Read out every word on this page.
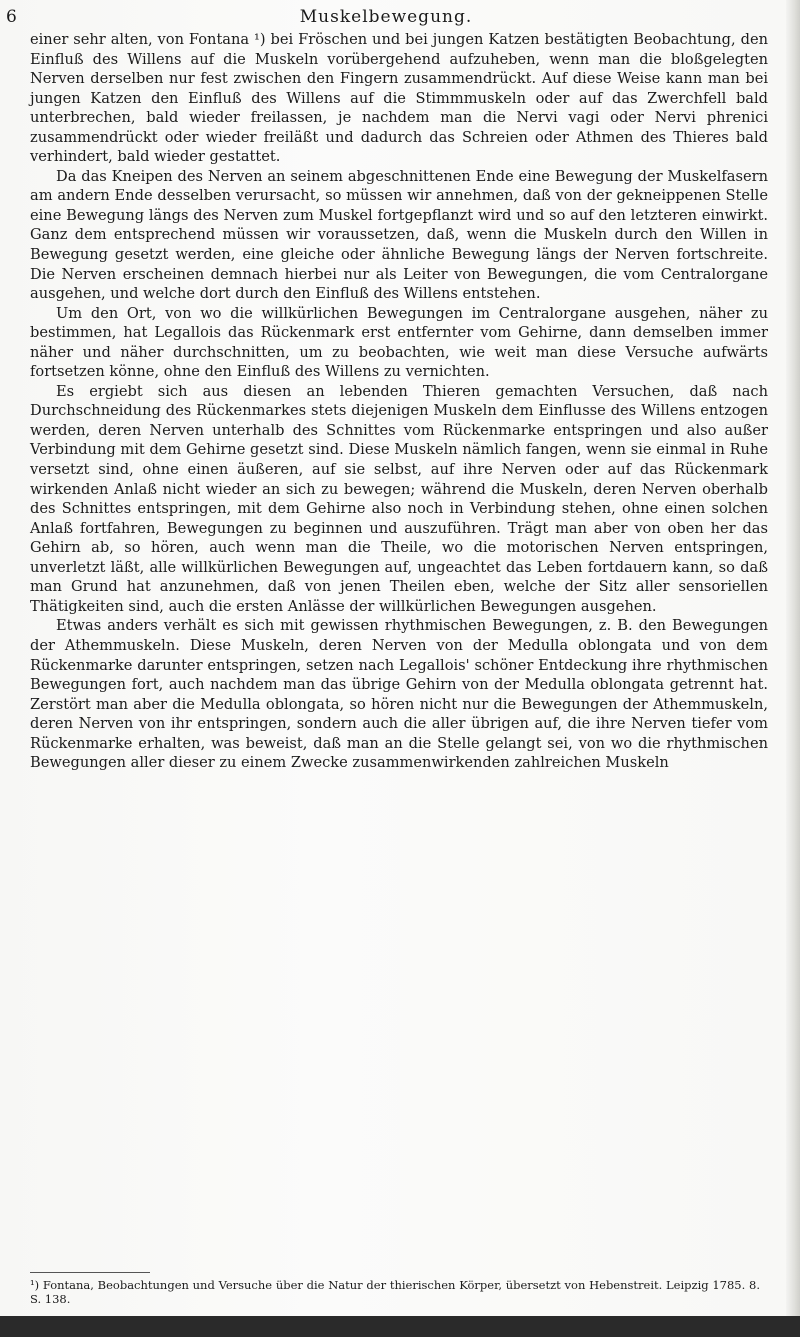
6	Muskelbewegung.

einer sehr alten, von Fontana ¹) bei Fröschen und bei jungen Katzen bestätigten Beobachtung, den Einfluß des Willens auf die Muskeln vorübergehend aufzuheben, wenn man die bloßgelegten Nerven derselben nur fest zwischen den Fingern zusammendrückt. Auf diese Weise kann man bei jungen Katzen den Einfluß des Willens auf die Stimmmuskeln oder auf das Zwerchfell bald unterbrechen, bald wieder freilassen, je nachdem man die Nervi vagi oder Nervi phrenici zusammendrückt oder wieder freiläßt und dadurch das Schreien oder Athmen des Thieres bald verhindert, bald wieder gestattet.

Da das Kneipen des Nerven an seinem abgeschnittenen Ende eine Bewegung der Muskelfasern am andern Ende desselben verursacht, so müssen wir annehmen, daß von der gekneippenen Stelle eine Bewegung längs des Nerven zum Muskel fortgepflanzt wird und so auf den letzteren einwirkt. Ganz dem entsprechend müssen wir voraussetzen, daß, wenn die Muskeln durch den Willen in Bewegung gesetzt werden, eine gleiche oder ähnliche Bewegung längs der Nerven fortschreite. Die Nerven erscheinen demnach hierbei nur als Leiter von Bewegungen, die vom Centralorgane ausgehen, und welche dort durch den Einfluß des Willens entstehen.

Um den Ort, von wo die willkürlichen Bewegungen im Centralorgane ausgehen, näher zu bestimmen, hat Legallois das Rückenmark erst entfernter vom Gehirne, dann demselben immer näher und näher durchschnitten, um zu beobachten, wie weit man diese Versuche aufwärts fortsetzen könne, ohne den Einfluß des Willens zu vernichten.

Es ergiebt sich aus diesen an lebenden Thieren gemachten Versuchen, daß nach Durchschneidung des Rückenmarkes stets diejenigen Muskeln dem Einflusse des Willens entzogen werden, deren Nerven unterhalb des Schnittes vom Rückenmarke entspringen und also außer Verbindung mit dem Gehirne gesetzt sind. Diese Muskeln nämlich fangen, wenn sie einmal in Ruhe versetzt sind, ohne einen äußeren, auf sie selbst, auf ihre Nerven oder auf das Rückenmark wirkenden Anlaß nicht wieder an sich zu bewegen; während die Muskeln, deren Nerven oberhalb des Schnittes entspringen, mit dem Gehirne also noch in Verbindung stehen, ohne einen solchen Anlaß fortfahren, Bewegungen zu beginnen und auszuführen. Trägt man aber von oben her das Gehirn ab, so hören, auch wenn man die Theile, wo die motorischen Nerven entspringen, unverletzt läßt, alle willkürlichen Bewegungen auf, ungeachtet das Leben fortdauern kann, so daß man Grund hat anzunehmen, daß von jenen Theilen eben, welche der Sitz aller sensoriellen Thätigkeiten sind, auch die ersten Anlässe der willkürlichen Bewegungen ausgehen.

Etwas anders verhält es sich mit gewissen rhythmischen Bewegungen, z. B. den Bewegungen der Athemmuskeln. Diese Muskeln, deren Nerven von der Medulla oblongata und von dem Rückenmarke darunter entspringen, setzen nach Legallois' schöner Entdeckung ihre rhythmischen Bewegungen fort, auch nachdem man das übrige Gehirn von der Medulla oblongata getrennt hat. Zerstört man aber die Medulla oblongata, so hören nicht nur die Bewegungen der Athemmuskeln, deren Nerven von ihr entspringen, sondern auch die aller übrigen auf, die ihre Nerven tiefer vom Rückenmarke erhalten, was beweist, daß man an die Stelle gelangt sei, von wo die rhythmischen Bewegungen aller dieser zu einem Zwecke zusammenwirkenden zahlreichen Muskeln

¹) Fontana, Beobachtungen und Versuche über die Natur der thierischen Körper, übersetzt von Hebenstreit. Leipzig 1785. 8. S. 138.
